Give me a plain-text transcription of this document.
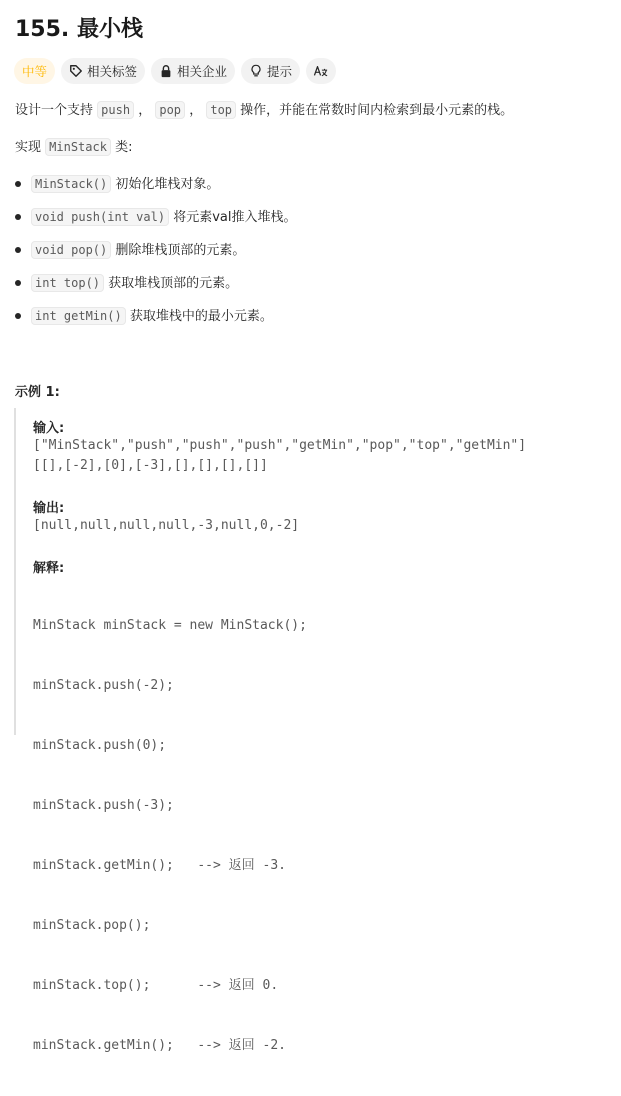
155. 最小栈
中等	相关标签	相关企业	提示

设计一个支持 push ， pop ， top 操作，并能在常数时间内检索到最小元素的栈。

实现 MinStack 类:

MinStack() 初始化堆栈对象。
void push(int val) 将元素val推入堆栈。
void pop() 删除堆栈顶部的元素。
int top() 获取堆栈顶部的元素。
int getMin() 获取堆栈中的最小元素。
示例 1:
输入:
["MinStack","push","push","push","getMin","pop","top","getMin"]
[[],[-2],[0],[-3],[],[],[],[]]
输出:
[null,null,null,null,-3,null,0,-2]
解释:

MinStack minStack = new MinStack();

minStack.push(-2);

minStack.push(0);

minStack.push(-3);

minStack.getMin();   --> 返回 -3.

minStack.pop();

minStack.top();      --> 返回 0.

minStack.getMin();   --> 返回 -2.
